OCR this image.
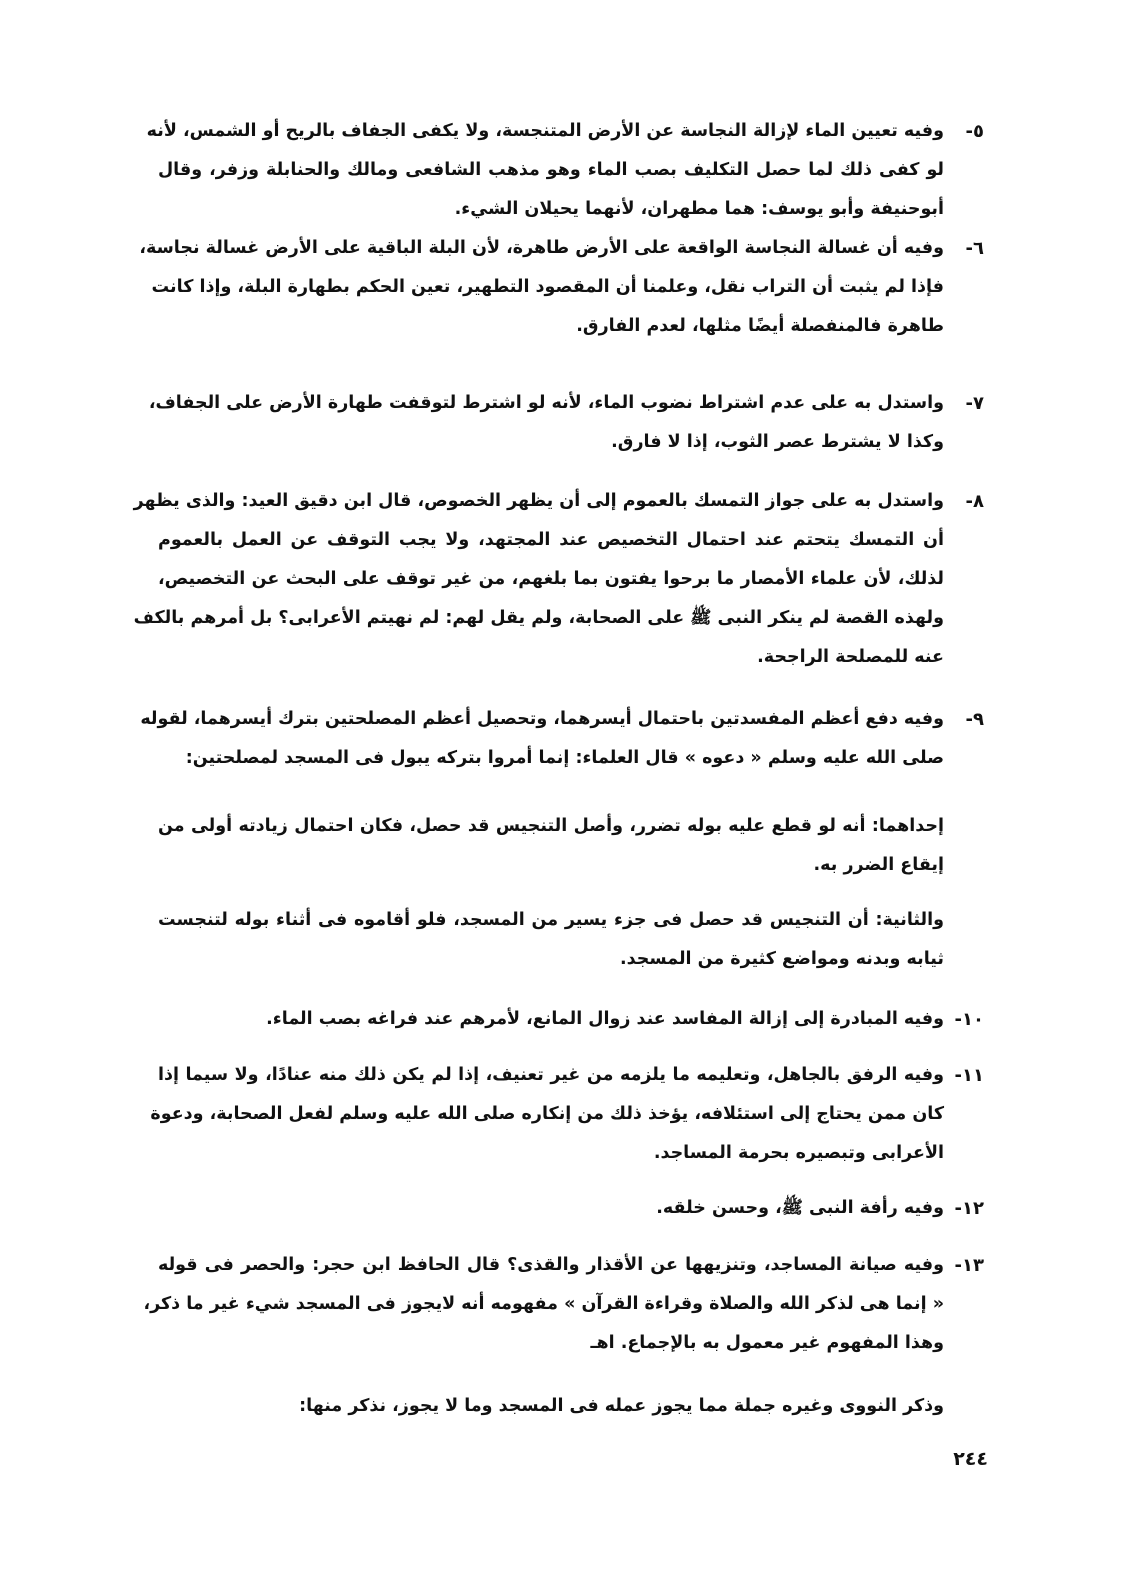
٥-
وفيه تعيين الماء لإزالة النجاسة عن الأرض المتنجسة، ولا يكفى الجفاف بالريح أو الشمس، لأنه
لو كفى ذلك لما حصل التكليف بصب الماء وهو مذهب الشافعى ومالك والحنابلة وزفر، وقال
أبوحنيفة وأبو يوسف: هما مطهران، لأنهما يحيلان الشيء.
٦-
وفيه أن غسالة النجاسة الواقعة على الأرض طاهرة، لأن البلة الباقية على الأرض غسالة نجاسة،
فإذا لم يثبت أن التراب نقل، وعلمنا أن المقصود التطهير، تعين الحكم بطهارة البلة، وإذا كانت
طاهرة فالمنفصلة أيضًا مثلها، لعدم الفارق.
٧-
واستدل به على عدم اشتراط نضوب الماء، لأنه لو اشترط لتوقفت طهارة الأرض على الجفاف،
وكذا لا يشترط عصر الثوب، إذا لا فارق.
٨-
واستدل به على جواز التمسك بالعموم إلى أن يظهر الخصوص، قال ابن دقيق العيد: والذى يظهر
أن التمسك يتحتم عند احتمال التخصيص عند المجتهد، ولا يجب التوقف عن العمل بالعموم
لذلك، لأن علماء الأمصار ما برحوا يفتون بما بلغهم، من غير توقف على البحث عن التخصيص،
ولهذه القصة لم ينكر النبى ﷺ على الصحابة، ولم يقل لهم: لم نهيتم الأعرابى؟ بل أمرهم بالكف
عنه للمصلحة الراجحة.
٩-
وفيه دفع أعظم المفسدتين باحتمال أيسرهما، وتحصيل أعظم المصلحتين بترك أيسرهما، لقوله
صلى الله عليه وسلم « دعوه » قال العلماء: إنما أمروا بتركه يبول فى المسجد لمصلحتين:
إحداهما: أنه لو قطع عليه بوله تضرر، وأصل التنجيس قد حصل، فكان احتمال زيادته أولى من
إيقاع الضرر به.
والثانية: أن التنجيس قد حصل فى جزء يسير من المسجد، فلو أقاموه فى أثناء بوله لتنجست
ثيابه وبدنه ومواضع كثيرة من المسجد.
١٠-
وفيه المبادرة إلى إزالة المفاسد عند زوال المانع، لأمرهم عند فراغه بصب الماء.
١١-
وفيه الرفق بالجاهل، وتعليمه ما يلزمه من غير تعنيف، إذا لم يكن ذلك منه عنادًا، ولا سيما إذا
كان ممن يحتاج إلى استئلافه، يؤخذ ذلك من إنكاره صلى الله عليه وسلم لفعل الصحابة، ودعوة
الأعرابى وتبصيره بحرمة المساجد.
١٢-
وفيه رأفة النبى ﷺ، وحسن خلقه.
١٣-
وفيه صيانة المساجد، وتنزيهها عن الأقذار والقذى؟ قال الحافظ ابن حجر: والحصر فى قوله
« إنما هى لذكر الله والصلاة وقراءة القرآن » مفهومه أنه لايجوز فى المسجد شيء غير ما ذكر،
وهذا المفهوم غير معمول به بالإجماع. اهـ
وذكر النووى وغيره جملة مما يجوز عمله فى المسجد وما لا يجوز، نذكر منها:
٢٤٤
